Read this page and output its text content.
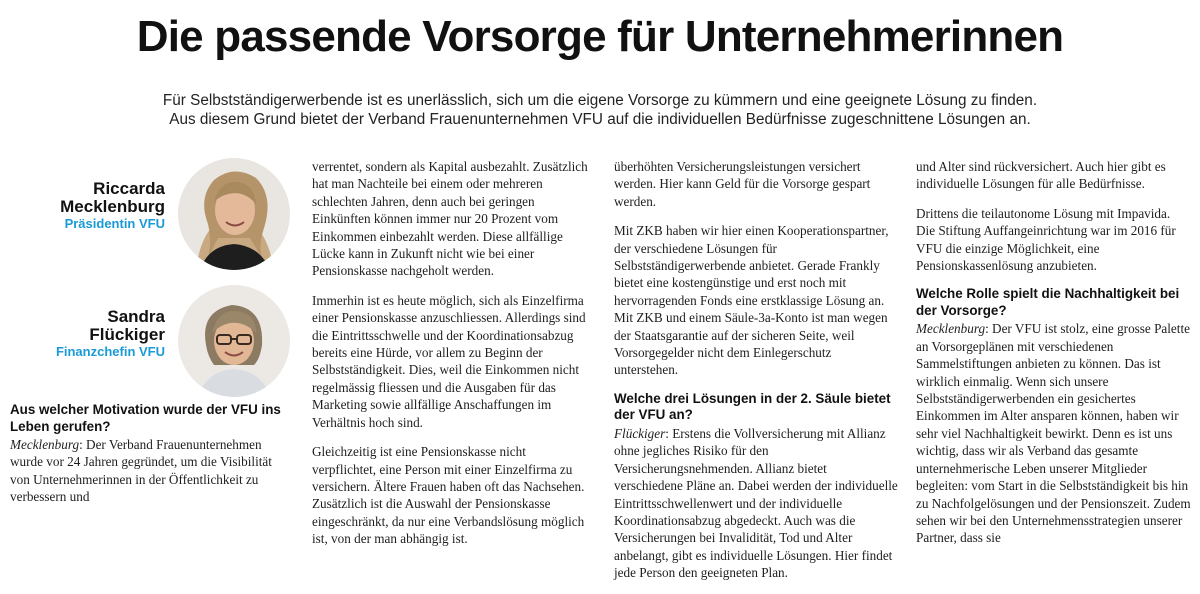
Die passende Vorsorge für Unternehmerinnen
Für Selbstständigerwerbende ist es unerlässlich, sich um die eigene Vorsorge zu kümmern und eine geeignete Lösung zu finden.
Aus diesem Grund bietet der Verband Frauenunternehmen VFU auf die individuellen Bedürfnisse zugeschnittene Lösungen an.
Riccarda
Mecklenburg
Präsidentin VFU
Sandra
Flückiger
Finanzchefin VFU
Aus welcher Motivation wurde der VFU ins Leben gerufen?

Mecklenburg: Der Verband Frauenunternehmen wurde vor 24 Jahren gegründet, um die Visibilität von Unternehmerinnen in der Öffentlichkeit zu verbessern und

verrentet, sondern als Kapital ausbezahlt. Zusätzlich hat man Nachteile bei einem oder mehreren schlechten Jahren, denn auch bei geringen Einkünften können immer nur 20 Prozent vom Einkommen einbezahlt werden. Diese allfällige Lücke kann in Zukunft nicht wie bei einer Pensionskasse nachgeholt werden.

Immerhin ist es heute möglich, sich als Einzelfirma einer Pensionskasse anzuschliessen. Allerdings sind die Eintrittsschwelle und der Koordinationsabzug bereits eine Hürde, vor allem zu Beginn der Selbstständigkeit. Dies, weil die Einkommen nicht regelmässig fliessen und die Ausgaben für das Marketing sowie allfällige Anschaffungen im Verhältnis hoch sind.

Gleichzeitig ist eine Pensionskasse nicht verpflichtet, eine Person mit einer Einzelfirma zu versichern. Ältere Frauen haben oft das Nachsehen. Zusätzlich ist die Auswahl der Pensionskasse eingeschränkt, da nur eine Verbandslösung möglich ist, von der man abhängig ist.

überhöhten Versicherungsleistungen versichert werden. Hier kann Geld für die Vorsorge gespart werden.

Mit ZKB haben wir hier einen Kooperationspartner, der verschiedene Lösungen für Selbstständigerwerbende anbietet. Gerade Frankly bietet eine kostengünstige und erst noch mit hervorragenden Fonds eine erstklassige Lösung an. Mit ZKB und einem Säule-3a-Konto ist man wegen der Staatsgarantie auf der sicheren Seite, weil Vorsorgegelder nicht dem Einlegerschutz unterstehen.

Welche drei Lösungen in der 2. Säule bietet der VFU an?

Flückiger: Erstens die Vollversicherung mit Allianz ohne jegliches Risiko für den Versicherungsnehmenden. Allianz bietet verschiedene Pläne an. Dabei werden der individuelle Eintrittsschwellenwert und der individuelle Koordinationsabzug abgedeckt. Auch was die Versicherungen bei Invalidität, Tod und Alter anbelangt, gibt es individuelle Lösungen. Hier findet jede Person den geeigneten Plan.

und Alter sind rückversichert. Auch hier gibt es individuelle Lösungen für alle Bedürfnisse.

Drittens die teilautonome Lösung mit Impavida. Die Stiftung Auffangeinrichtung war im 2016 für VFU die einzige Möglichkeit, eine Pensionskassenlösung anzubieten.

Welche Rolle spielt die Nachhaltigkeit bei der Vorsorge?

Mecklenburg: Der VFU ist stolz, eine grosse Palette an Vorsorgeplänen mit verschiedenen Sammelstiftungen anbieten zu können. Das ist wirklich einmalig. Wenn sich unsere Selbstständigerwerbenden ein gesichertes Einkommen im Alter ansparen können, haben wir sehr viel Nachhaltigkeit bewirkt. Denn es ist uns wichtig, dass wir als Verband das gesamte unternehmerische Leben unserer Mitglieder begleiten: vom Start in die Selbstständigkeit bis hin zu Nachfolgelösungen und der Pensionszeit. Zudem sehen wir bei den Unternehmensstrategien unserer Partner, dass sie
